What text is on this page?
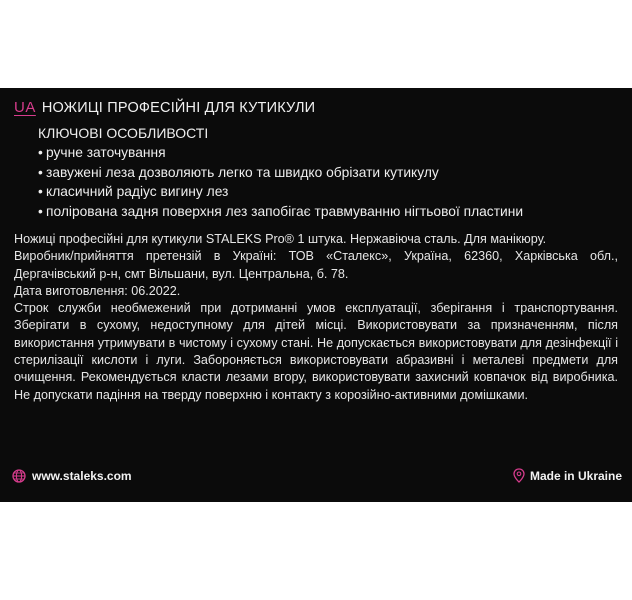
UA НОЖИЦІ ПРОФЕСІЙНІ ДЛЯ КУТИКУЛИ
КЛЮЧОВІ ОСОБЛИВОСТІ
• ручне заточування
• завужені леза дозволяють легко та швидко обрізати кутикулу
• класичний радіус вигину лез
• полірована задня поверхня лез запобігає травмуванню нігтьової пластини

Ножиці професійні для кутикули STALEKS Pro® 1 штука. Нержавіюча сталь. Для манікюру.

Виробник/прийняття претензій в Україні: ТОВ «Сталекс», Україна, 62360, Харківська обл., Дергачівський р-н, смт Вільшани, вул. Центральна, б. 78.

Дата виготовлення: 06.2022.

Строк служби необмежений при дотриманні умов експлуатації, зберігання і транспортування. Зберігати в сухому, недоступному для дітей місці. Використовувати за призначенням, після використання утримувати в чистому і сухому стані. Не допускається використовувати для дезінфекції і стерилізації кислоти і луги. Забороняється використовувати абразивні і металеві предмети для очищення. Рекомендується класти лезами вгору, використовувати захисний ковпачок від виробника. Не допускати падіння на тверду поверхню і контакту з корозійно-активними домішками.

www.staleks.com	Made in Ukraine
